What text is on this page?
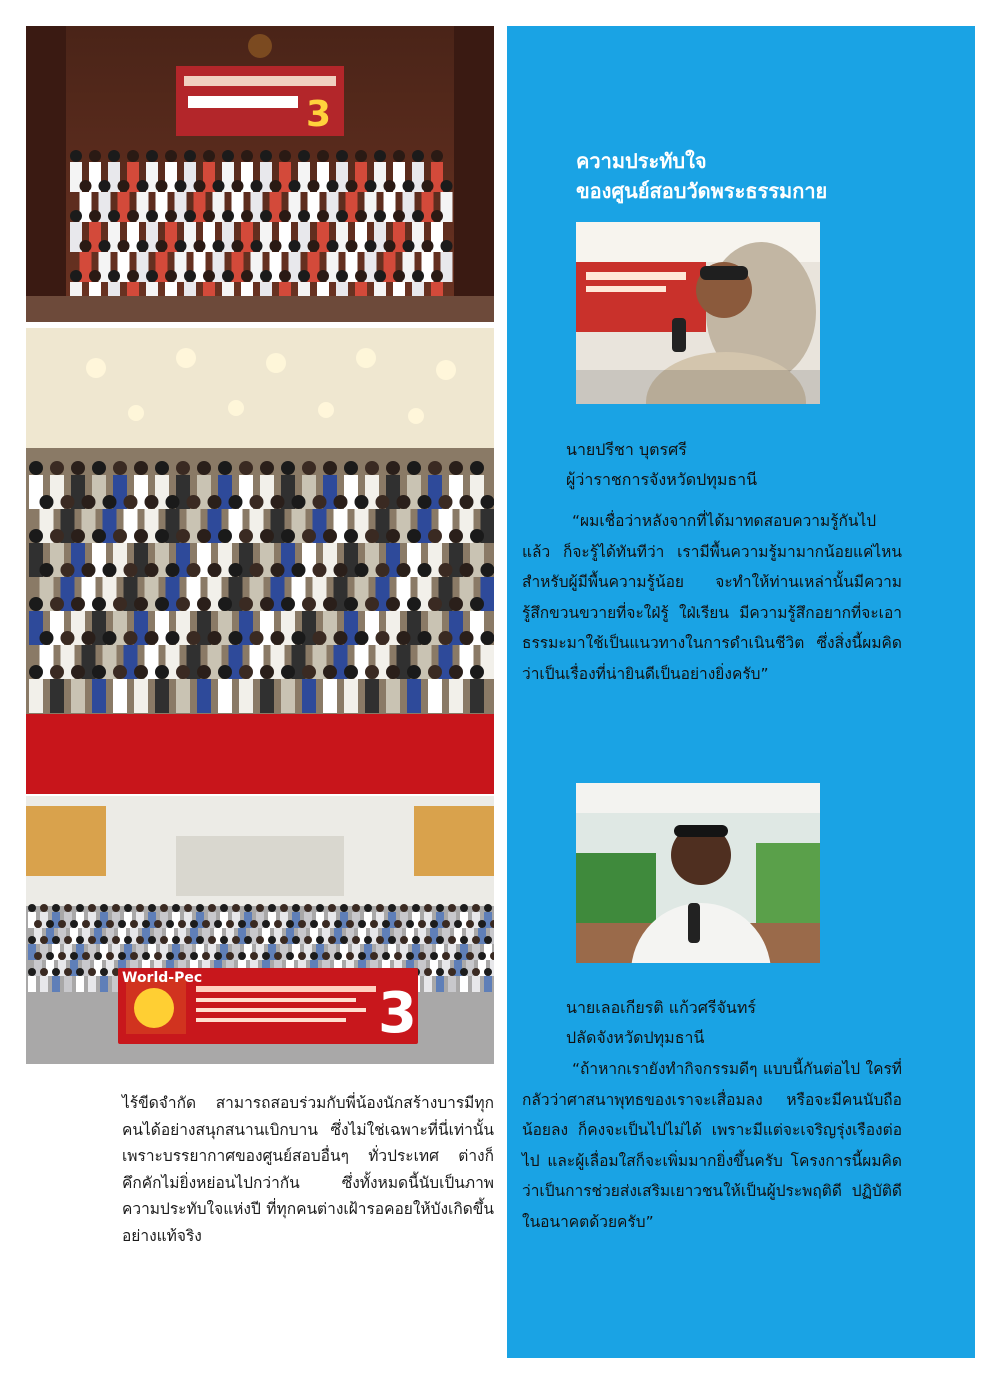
3
World-Pec
3

ไร้ขีดจำกัด สามารถสอบร่วมกับพี่น้องนักสร้างบารมีทุกคนได้อย่างสนุกสนานเบิกบาน ซึ่งไม่ใช่เฉพาะที่นี่เท่านั้น เพราะบรรยากาศของศูนย์สอบอื่นๆ ทั่วประเทศ ต่างก็คึกคักไม่ยิ่งหย่อนไปกว่ากัน ซึ่งทั้งหมดนี้นับเป็นภาพความประทับใจแห่งปี ที่ทุกคนต่างเฝ้ารอคอยให้บังเกิดขึ้นอย่างแท้จริง

ความประทับใจ
ของศูนย์สอบวัดพระธรรมกาย
นายปรีชา บุตรศรี
ผู้ว่าราชการจังหวัดปทุมธานี

“ผมเชื่อว่าหลังจากที่ได้มาทดสอบความรู้กันไปแล้ว ก็จะรู้ได้ทันทีว่า เรามีพื้นความรู้มามากน้อยแค่ไหน สำหรับผู้มีพื้นความรู้น้อย จะทำให้ท่านเหล่านั้นมีความรู้สึกขวนขวายที่จะใฝ่รู้ ใฝ่เรียน มีความรู้สึกอยากที่จะเอาธรรมะมาใช้เป็นแนวทางในการดำเนินชีวิต ซึ่งสิ่งนี้ผมคิดว่าเป็นเรื่องที่น่ายินดีเป็นอย่างยิ่งครับ”

นายเลอเกียรติ แก้วศรีจันทร์
ปลัดจังหวัดปทุมธานี

“ถ้าหากเรายังทำกิจกรรมดีๆ แบบนี้กันต่อไป ใครที่กลัวว่าศาสนาพุทธของเราจะเสื่อมลง หรือจะมีคนนับถือน้อยลง ก็คงจะเป็นไปไม่ได้ เพราะมีแต่จะเจริญรุ่งเรืองต่อไป และผู้เลื่อมใสก็จะเพิ่มมากยิ่งขึ้นครับ โครงการนี้ผมคิดว่าเป็นการช่วยส่งเสริมเยาวชนให้เป็นผู้ประพฤติดี ปฏิบัติดี ในอนาคตด้วยครับ”
